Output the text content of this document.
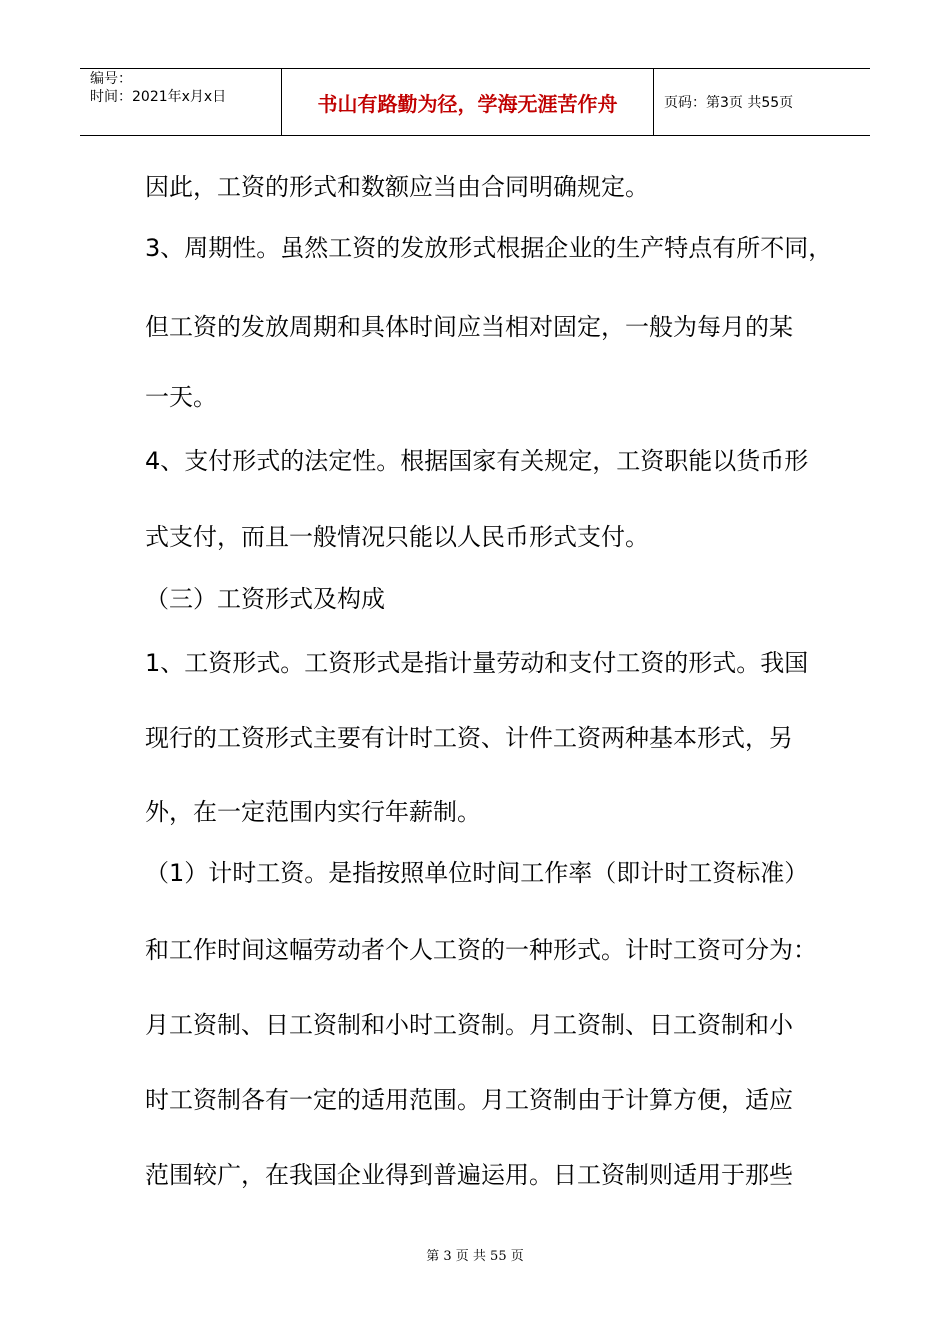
编号：
时间：2021年x月x日	书山有路勤为径，学海无涯苦作舟	页码：第3页 共55页
因此，工资的形式和数额应当由合同明确规定。
3、周期性。虽然工资的发放形式根据企业的生产特点有所不同，
但工资的发放周期和具体时间应当相对固定，一般为每月的某
一天。
4、支付形式的法定性。根据国家有关规定，工资职能以货币形
式支付，而且一般情况只能以人民币形式支付。
（三）工资形式及构成
1、工资形式。工资形式是指计量劳动和支付工资的形式。我国
现行的工资形式主要有计时工资、计件工资两种基本形式，另
外，在一定范围内实行年薪制。
（1）计时工资。是指按照单位时间工作率（即计时工资标准）
和工作时间这幅劳动者个人工资的一种形式。计时工资可分为：
月工资制、日工资制和小时工资制。月工资制、日工资制和小
时工资制各有一定的适用范围。月工资制由于计算方便，适应
范围较广，在我国企业得到普遍运用。日工资制则适用于那些
第 3 页 共 55 页
